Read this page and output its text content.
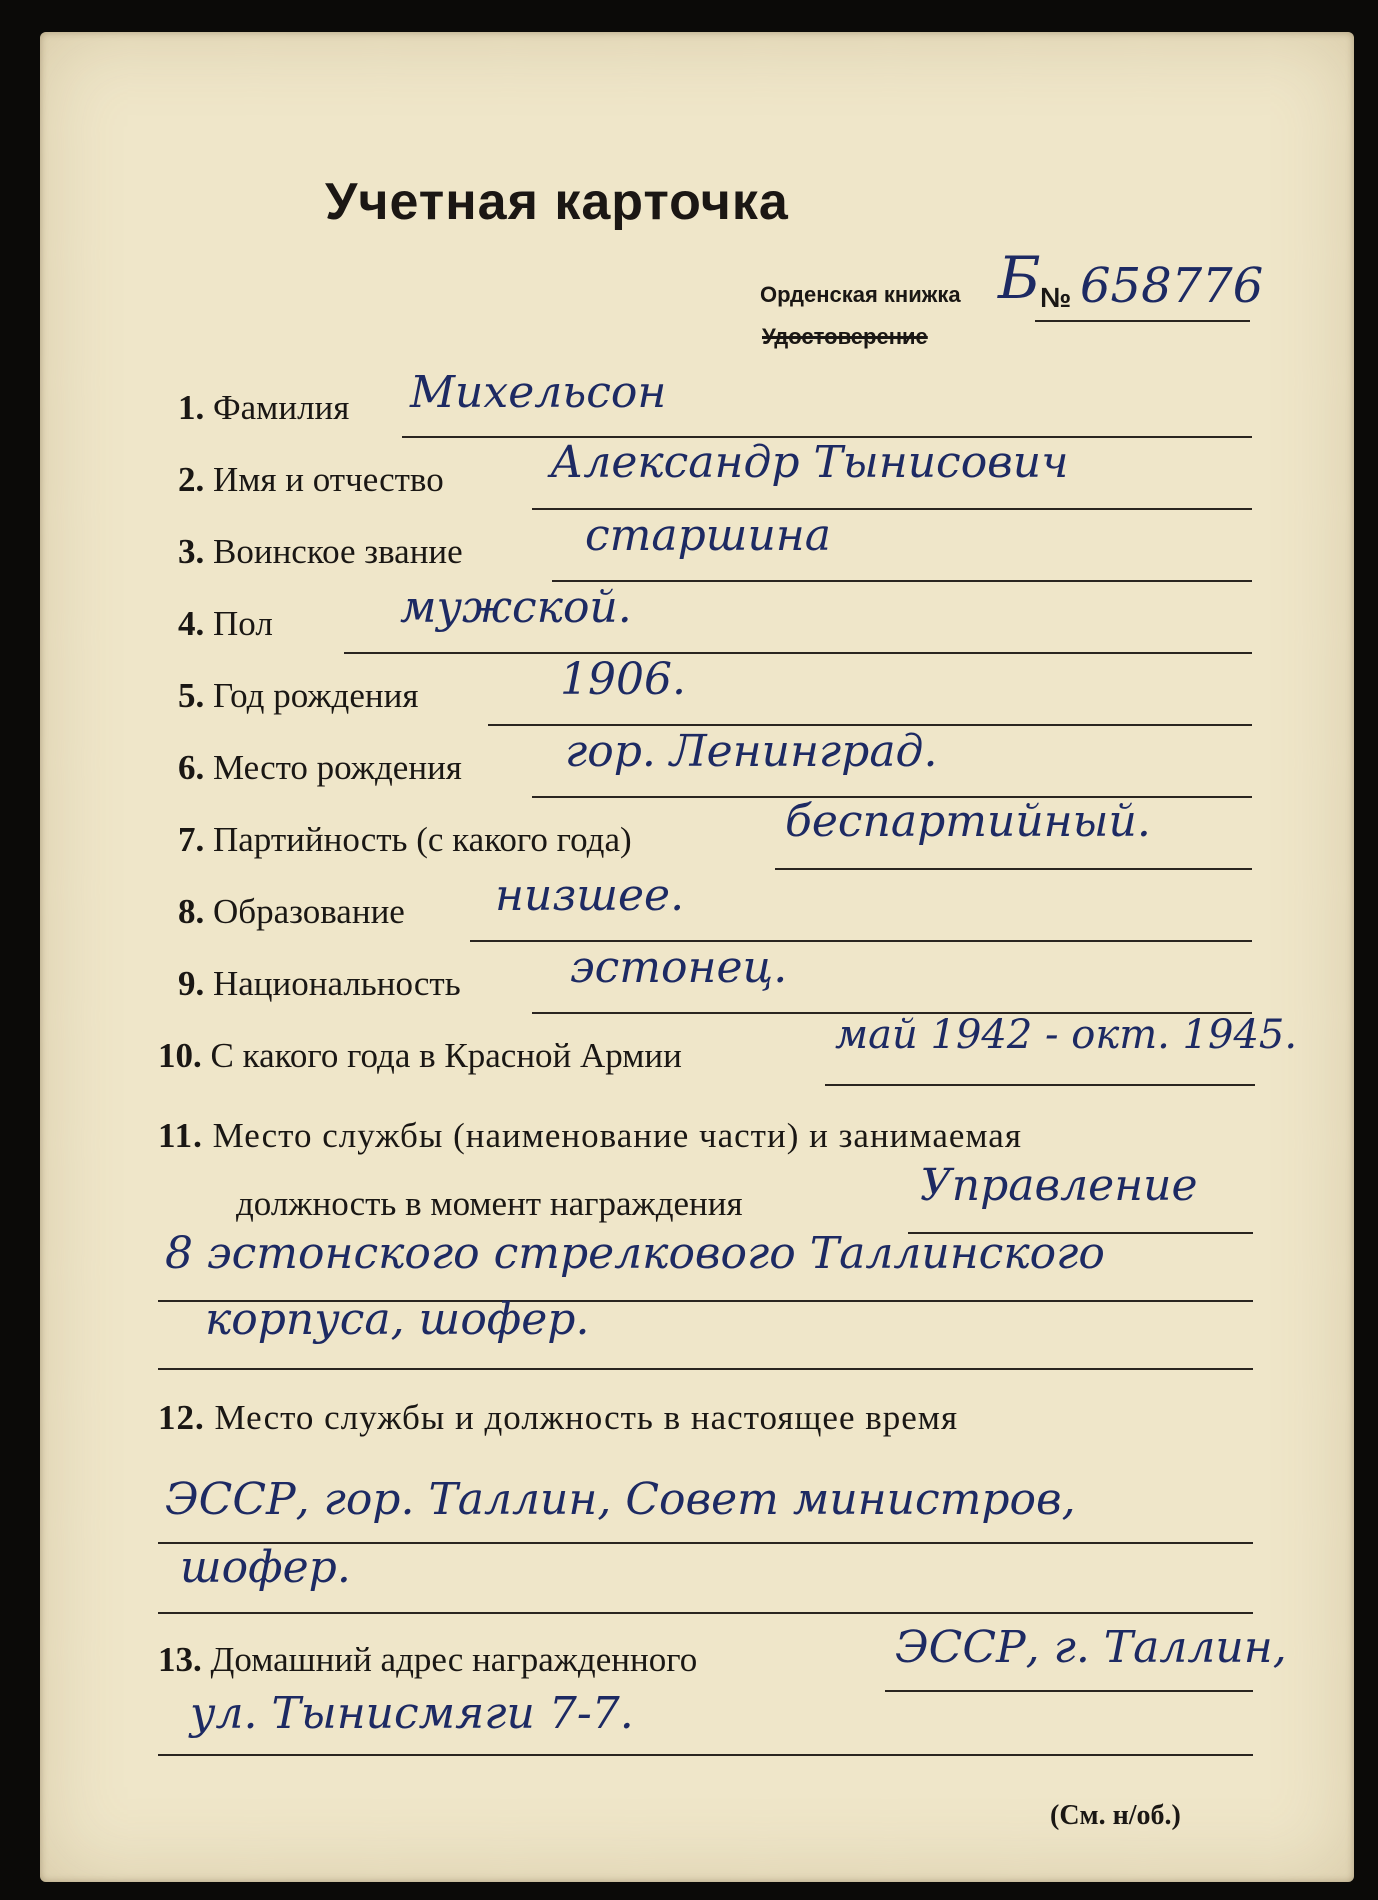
Учетная карточка
Орденская книжка
Удостоверение
Б № 658776
1. Фамилия Михельсон
2. Имя и отчество Александр Тынисович
3. Воинское звание	старшина
4. Пол	мужской.
5. Год рождения	1906.
6. Место рождения гор. Ленинград.
7. Партийность (с какого года)	беспартийный.
8. Образование низшее.
9. Национальность эстонец.
10. С какого года в Красной Армии	май 1942 - окт. 1945.
11. Место службы (наименование части) и занимаемая
должность в момент награждения	Управление
8 эстонского стрелкового Таллинского
корпуса, шофер.
12. Место службы и должность в настоящее время
ЭССР, гор. Таллин, Совет министров,
шофер.
13. Домашний адрес награжденного	ЭССР, г. Таллин,
ул. Тынисмяги 7-7.
(См. н/об.)
